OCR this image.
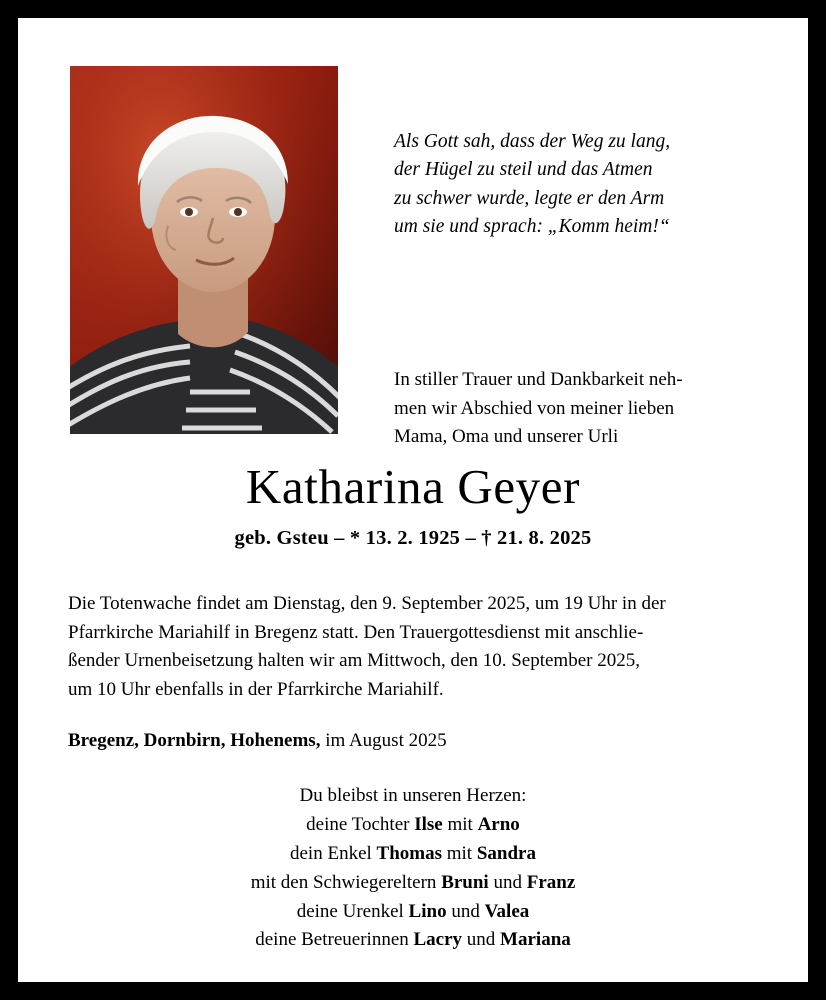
Als Gott sah, dass der Weg zu lang,
der Hügel zu steil und das Atmen
zu schwer wurde, legte er den Arm
um sie und sprach: „Komm heim!“
In stiller Trauer und Dankbarkeit neh-
men wir Abschied von meiner lieben
Mama, Oma und unserer Urli
Katharina Geyer
geb. Gsteu – * 13. 2. 1925 – † 21. 8. 2025
Die Totenwache findet am Dienstag, den 9. September 2025, um 19 Uhr in der
Pfarrkirche Mariahilf in Bregenz statt. Den Trauergottesdienst mit anschlie-
ßender Urnenbeisetzung halten wir am Mittwoch, den 10. September 2025,
um 10 Uhr ebenfalls in der Pfarrkirche Mariahilf.
Bregenz, Dornbirn, Hohenems, im August 2025
Du bleibst in unseren Herzen:
deine Tochter Ilse mit Arno
dein Enkel Thomas mit Sandra
mit den Schwiegereltern Bruni und Franz
deine Urenkel Lino und Valea
deine Betreuerinnen Lacry und Mariana
